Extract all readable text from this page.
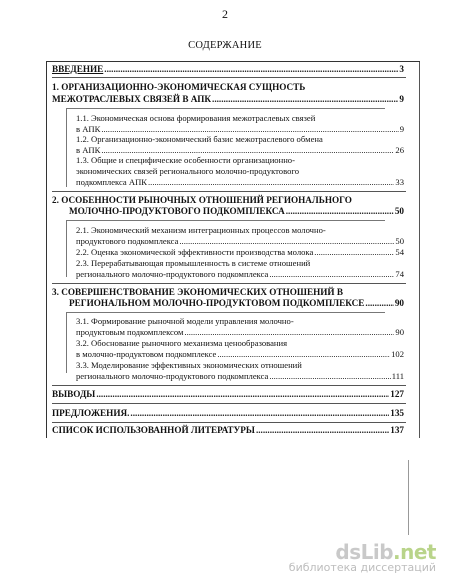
2
СОДЕРЖАНИЕ
ВВЕДЕНИЕ .....	3
1. ОРГАНИЗАЦИОННО-ЭКОНОМИЧЕСКАЯ СУЩНОСТЬ
МЕЖОТРАСЛЕВЫХ СВЯЗЕЙ В АПК .....	9
1.1. Экономическая основа формирования межотраслевых связей
в АПК .....	9
1.2. Организационно-экономический базис межотраслевого обмена
в АПК .....	26
1.3. Общие и специфические особенности организационно-
экономических связей регионального молочно-продуктового
подкомплекса АПК .....	33
2. ОСОБЕННОСТИ РЫНОЧНЫХ ОТНОШЕНИЙ РЕГИОНАЛЬНОГО
МОЛОЧНО-ПРОДУКТОВОГО ПОДКОМПЛЕКСА .....	50
2.1. Экономический механизм интеграционных процессов молочно-
продуктового подкомплекса .....	50
2.2. Оценка экономической эффективности производства молока .....	54
2.3. Перерабатывающая промышленность в системе отношений
регионального молочно-продуктового подкомплекса .....	74
3. СОВЕРШЕНСТВОВАНИЕ ЭКОНОМИЧЕСКИХ ОТНОШЕНИЙ В
РЕГИОНАЛЬНОМ МОЛОЧНО-ПРОДУКТОВОМ ПОДКОМПЛЕКСЕ .....	90
3.1. Формирование рыночной модели управления молочно-
продуктовым подкомплексом .....	90
3.2. Обоснование рыночного механизма ценообразования
в молочно-продуктовом подкомплексе .....	102
3.3. Моделирование эффективных экономических отношений
регионального молочно-продуктового подкомплекса .....	111
ВЫВОДЫ .....	127
ПРЕДЛОЖЕНИЯ. .....	135
СПИСОК ИСПОЛЬЗОВАННОЙ ЛИТЕРАТУРЫ .....	137
dsLib.net
библиотека диссертаций
